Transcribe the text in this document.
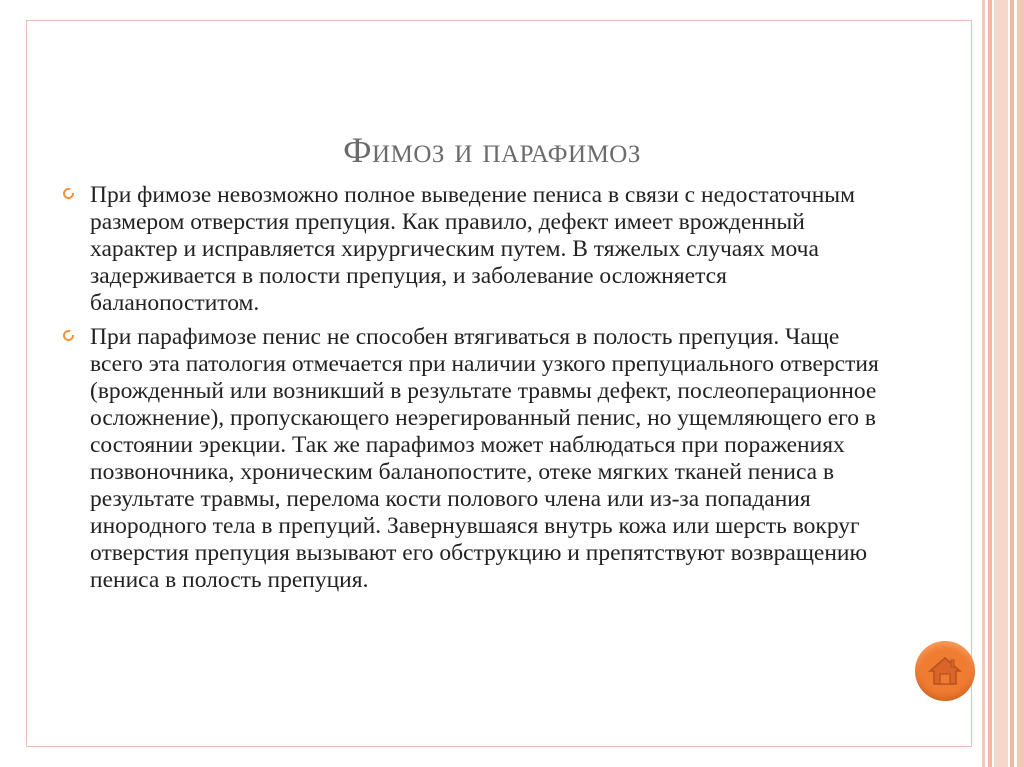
Фимоз и парафимоз

При фимозе невозможно полное выведение пениса в связи с недостаточным размером отверстия препуция. Как правило, дефект имеет врожденный характер и исправляется хирургическим путем. В тяжелых случаях моча задерживается в полости препуция, и заболевание осложняется баланопоститом.

При парафимозе пенис не способен втягиваться в полость препуция. Чаще всего эта патология отмечается при наличии узкого препуциального отверстия (врожденный или возникший в результате травмы дефект, послеоперационное осложнение), пропускающего неэрегированный пенис, но ущемляющего его в состоянии эрекции. Так же парафимоз может наблюдаться при поражениях позвоночника, хроническим баланопостите, отеке мягких тканей пениса в результате травмы, перелома кости полового члена или из-за попадания инородного тела в препуций. Завернувшаяся внутрь кожа или шерсть вокруг отверстия препуция вызывают его обструкцию и препятствуют возвращению пениса в полость препуция.
